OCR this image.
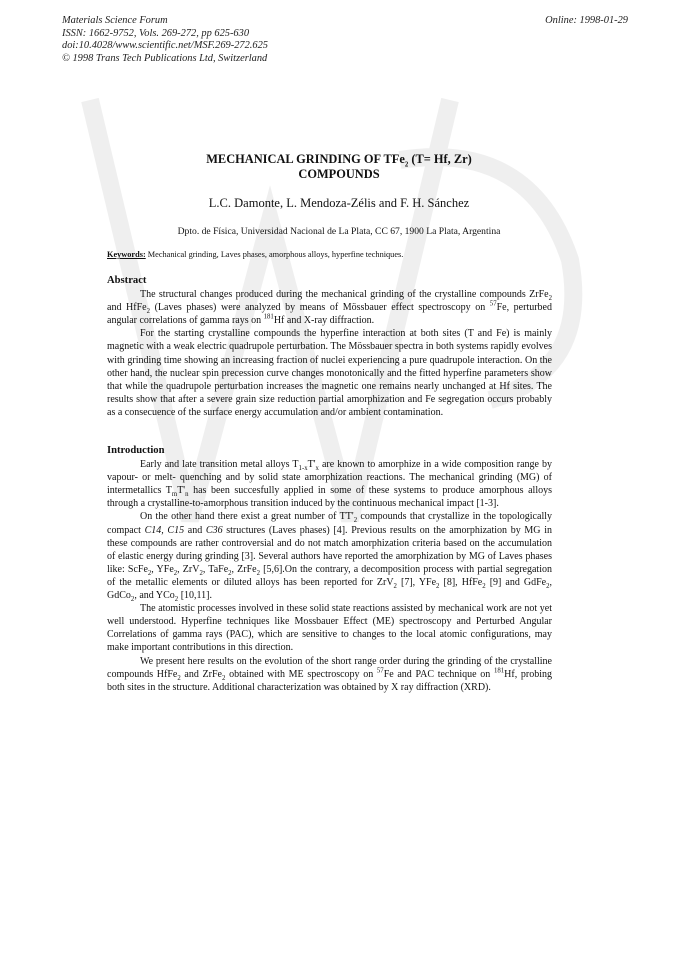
Materials Science Forum
ISSN: 1662-9752, Vols. 269-272, pp 625-630
doi:10.4028/www.scientific.net/MSF.269-272.625
© 1998 Trans Tech Publications Ltd, Switzerland
Online: 1998-01-29
MECHANICAL GRINDING OF TFe$_2$ (T= Hf, Zr)
COMPOUNDS
L.C. Damonte, L. Mendoza-Zélis and F. H. Sánchez
Dpto. de Física, Universidad Nacional de La Plata, CC 67, 1900 La Plata, Argentina
Keywords: Mechanical grinding, Laves phases, amorphous alloys, hyperfine techniques.
Abstract

The structural changes produced during the mechanical grinding of the crystalline compounds ZrFe$_2$ and HfFe$_2$ (Laves phases) were analyzed by means of Mössbauer effect spectroscopy on $^{57}$Fe, perturbed angular correlations of gamma rays on $^{181}$Hf and X-ray diffraction.

For the starting crystalline compounds the hyperfine interaction at both sites (T and Fe) is mainly magnetic with a weak electric quadrupole perturbation. The Mössbauer spectra in both systems rapidly evolves with grinding time showing an increasing fraction of nuclei experiencing a pure quadrupole interaction. On the other hand, the nuclear spin precession curve changes monotonically and the fitted hyperfine parameters show that while the quadrupole perturbation increases the magnetic one remains nearly unchanged at Hf sites. The results show that after a severe grain size reduction partial amorphization and Fe segregation occurs probably as a consecuence of the surface energy accumulation and/or ambient contamination.

Introduction

Early and late transition metal alloys $T_{1-x}T'_x$ are known to amorphize in a wide composition range by vapour- or melt- quenching and by solid state amorphization reactions. The mechanical grinding (MG) of intermetallics $T_mT'_n$ has been succesfully applied in some of these systems to produce amorphous alloys through a crystalline-to-amorphous transition induced by the continuous mechanical impact [1-3].

On the other hand there exist a great number of $TT'_2$ compounds that crystallize in the topologically compact C14, C15 and C36 structures (Laves phases) [4]. Previous results on the amorphization by MG in these compounds are rather controversial and do not match amorphization criteria based on the accumulation of elastic energy during grinding [3]. Several authors have reported the amorphization by MG of Laves phases like: ScFe$_2$, YFe$_2$, ZrV$_2$, TaFe$_2$, ZrFe$_2$ [5,6].On the contrary, a decomposition process with partial segregation of the metallic elements or diluted alloys has been reported for ZrV$_2$ [7], YFe$_2$ [8], HfFe$_2$ [9] and GdFe$_2$, GdCo$_2$, and YCo$_2$ [10,11].

The atomistic processes involved in these solid state reactions assisted by mechanical work are not yet well understood. Hyperfine techniques like Mossbauer Effect (ME) spectroscopy and Perturbed Angular Correlations of gamma rays (PAC), which are sensitive to changes to the local atomic configurations, may make important contributions in this direction.

We present here results on the evolution of the short range order during the grinding of the crystalline compounds HfFe$_2$ and ZrFe$_2$ obtained with ME spectroscopy on $^{57}$Fe and PAC technique on $^{181}$Hf, probing both sites in the structure. Additional characterization was obtained by X ray diffraction (XRD).
